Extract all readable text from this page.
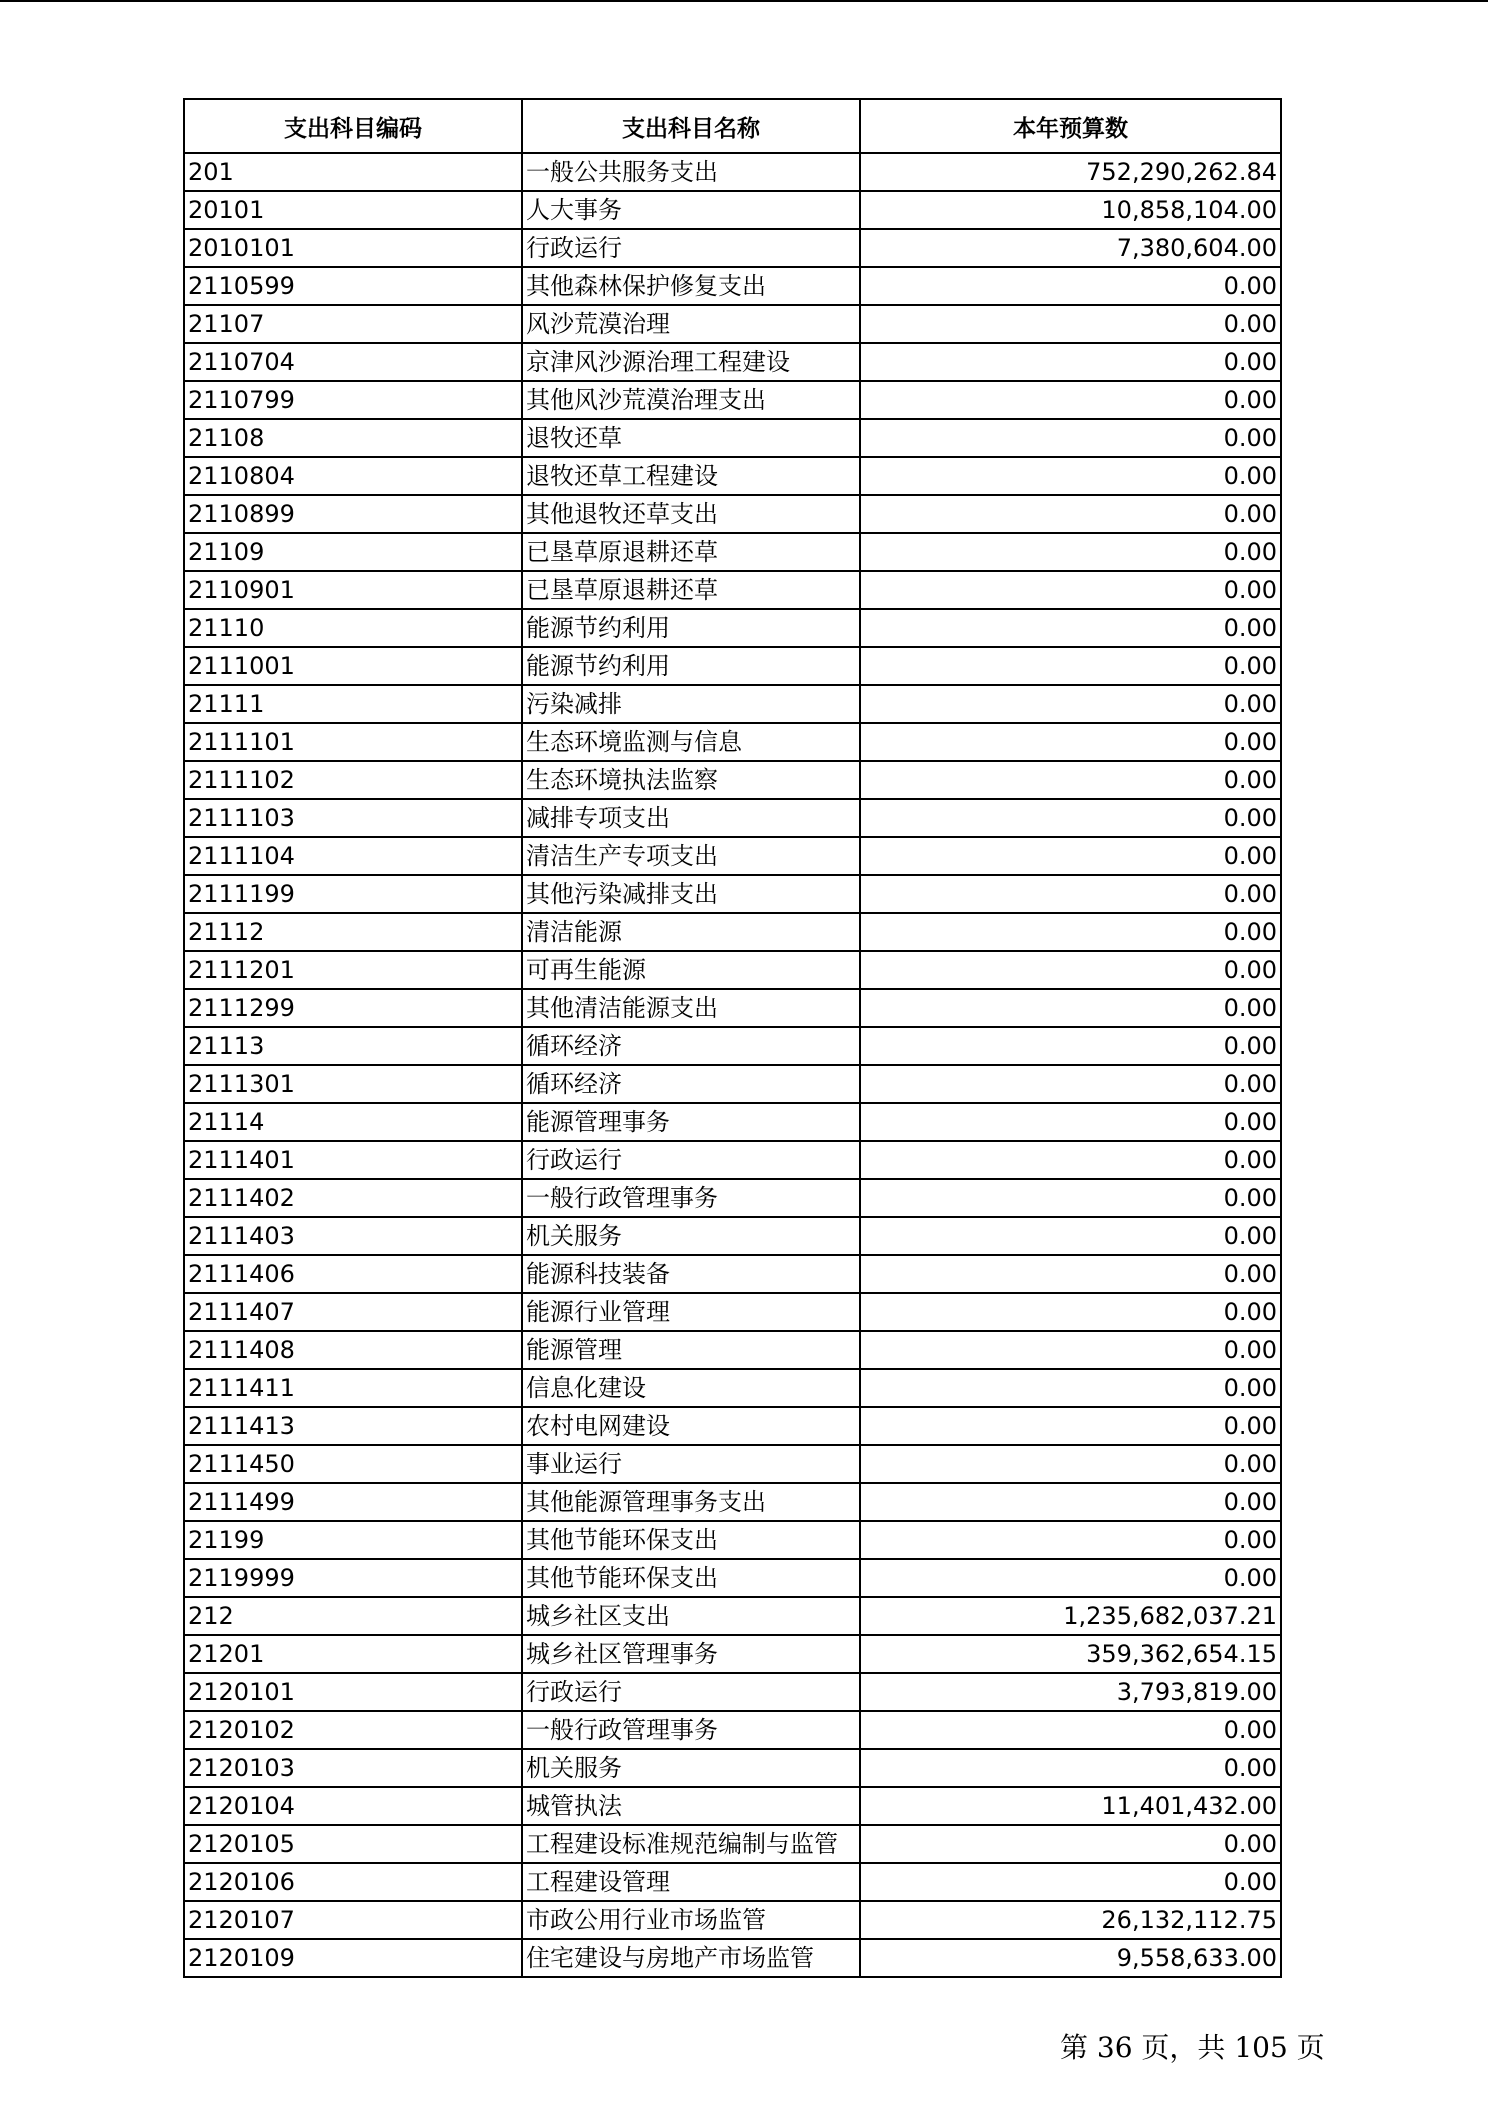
支出科目编码	支出科目名称	本年预算数
201	一般公共服务支出	752,290,262.84
20101	人大事务	10,858,104.00
2010101	行政运行	7,380,604.00
2110599	其他森林保护修复支出	0.00
21107	风沙荒漠治理	0.00
2110704	京津风沙源治理工程建设	0.00
2110799	其他风沙荒漠治理支出	0.00
21108	退牧还草	0.00
2110804	退牧还草工程建设	0.00
2110899	其他退牧还草支出	0.00
21109	已垦草原退耕还草	0.00
2110901	已垦草原退耕还草	0.00
21110	能源节约利用	0.00
2111001	能源节约利用	0.00
21111	污染减排	0.00
2111101	生态环境监测与信息	0.00
2111102	生态环境执法监察	0.00
2111103	减排专项支出	0.00
2111104	清洁生产专项支出	0.00
2111199	其他污染减排支出	0.00
21112	清洁能源	0.00
2111201	可再生能源	0.00
2111299	其他清洁能源支出	0.00
21113	循环经济	0.00
2111301	循环经济	0.00
21114	能源管理事务	0.00
2111401	行政运行	0.00
2111402	一般行政管理事务	0.00
2111403	机关服务	0.00
2111406	能源科技装备	0.00
2111407	能源行业管理	0.00
2111408	能源管理	0.00
2111411	信息化建设	0.00
2111413	农村电网建设	0.00
2111450	事业运行	0.00
2111499	其他能源管理事务支出	0.00
21199	其他节能环保支出	0.00
2119999	其他节能环保支出	0.00
212	城乡社区支出	1,235,682,037.21
21201	城乡社区管理事务	359,362,654.15
2120101	行政运行	3,793,819.00
2120102	一般行政管理事务	0.00
2120103	机关服务	0.00
2120104	城管执法	11,401,432.00
2120105	工程建设标准规范编制与监管	0.00
2120106	工程建设管理	0.00
2120107	市政公用行业市场监管	26,132,112.75
2120109	住宅建设与房地产市场监管	9,558,633.00
第 36 页，共 105 页
